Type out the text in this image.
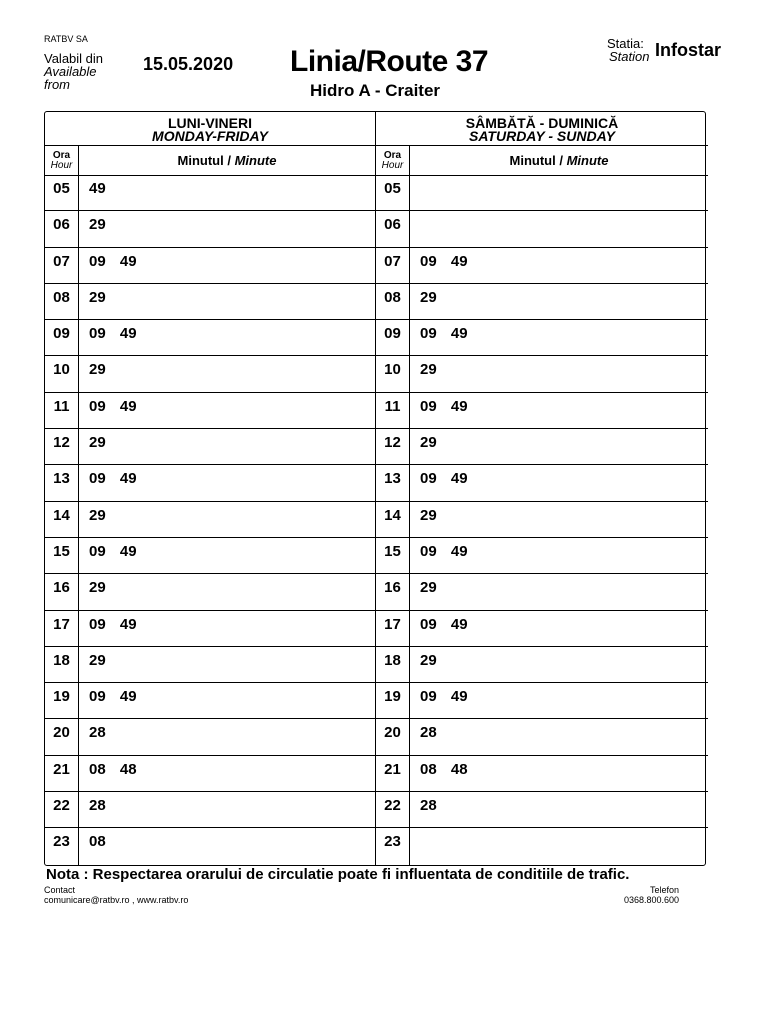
RATBV SA
Valabil din
Available
from
15.05.2020 Linia/Route 37
Hidro A - Craiter
Statia:
Station Infostar
LUNI-VINERI
MONDAY-FRIDAY
Ora
Hour	Minutul / Minute
05	49
06	29
07	09 49
08	29
09	09 49
10	29
11	09 49
12	29
13	09 49
14	29
15	09 49
16	29
17	09 49
18	29
19	09 49
20	28
21	08 48
22	28
23	08
SÂMBĂTĂ - DUMINICĂ
SATURDAY - SUNDAY
Ora
Hour	Minutul / Minute
05
06
07	09 49
08	29
09	09 49
10	29
11	09 49
12	29
13	09 49
14	29
15	09 49
16	29
17	09 49
18	29
19	09 49
20	28
21	08 48
22	28
23
Nota : Respectarea orarului de circulatie poate fi influentata de conditiile de trafic.
Contact
comunicare@ratbv.ro , www.ratbv.ro
Telefon
0368.800.600
